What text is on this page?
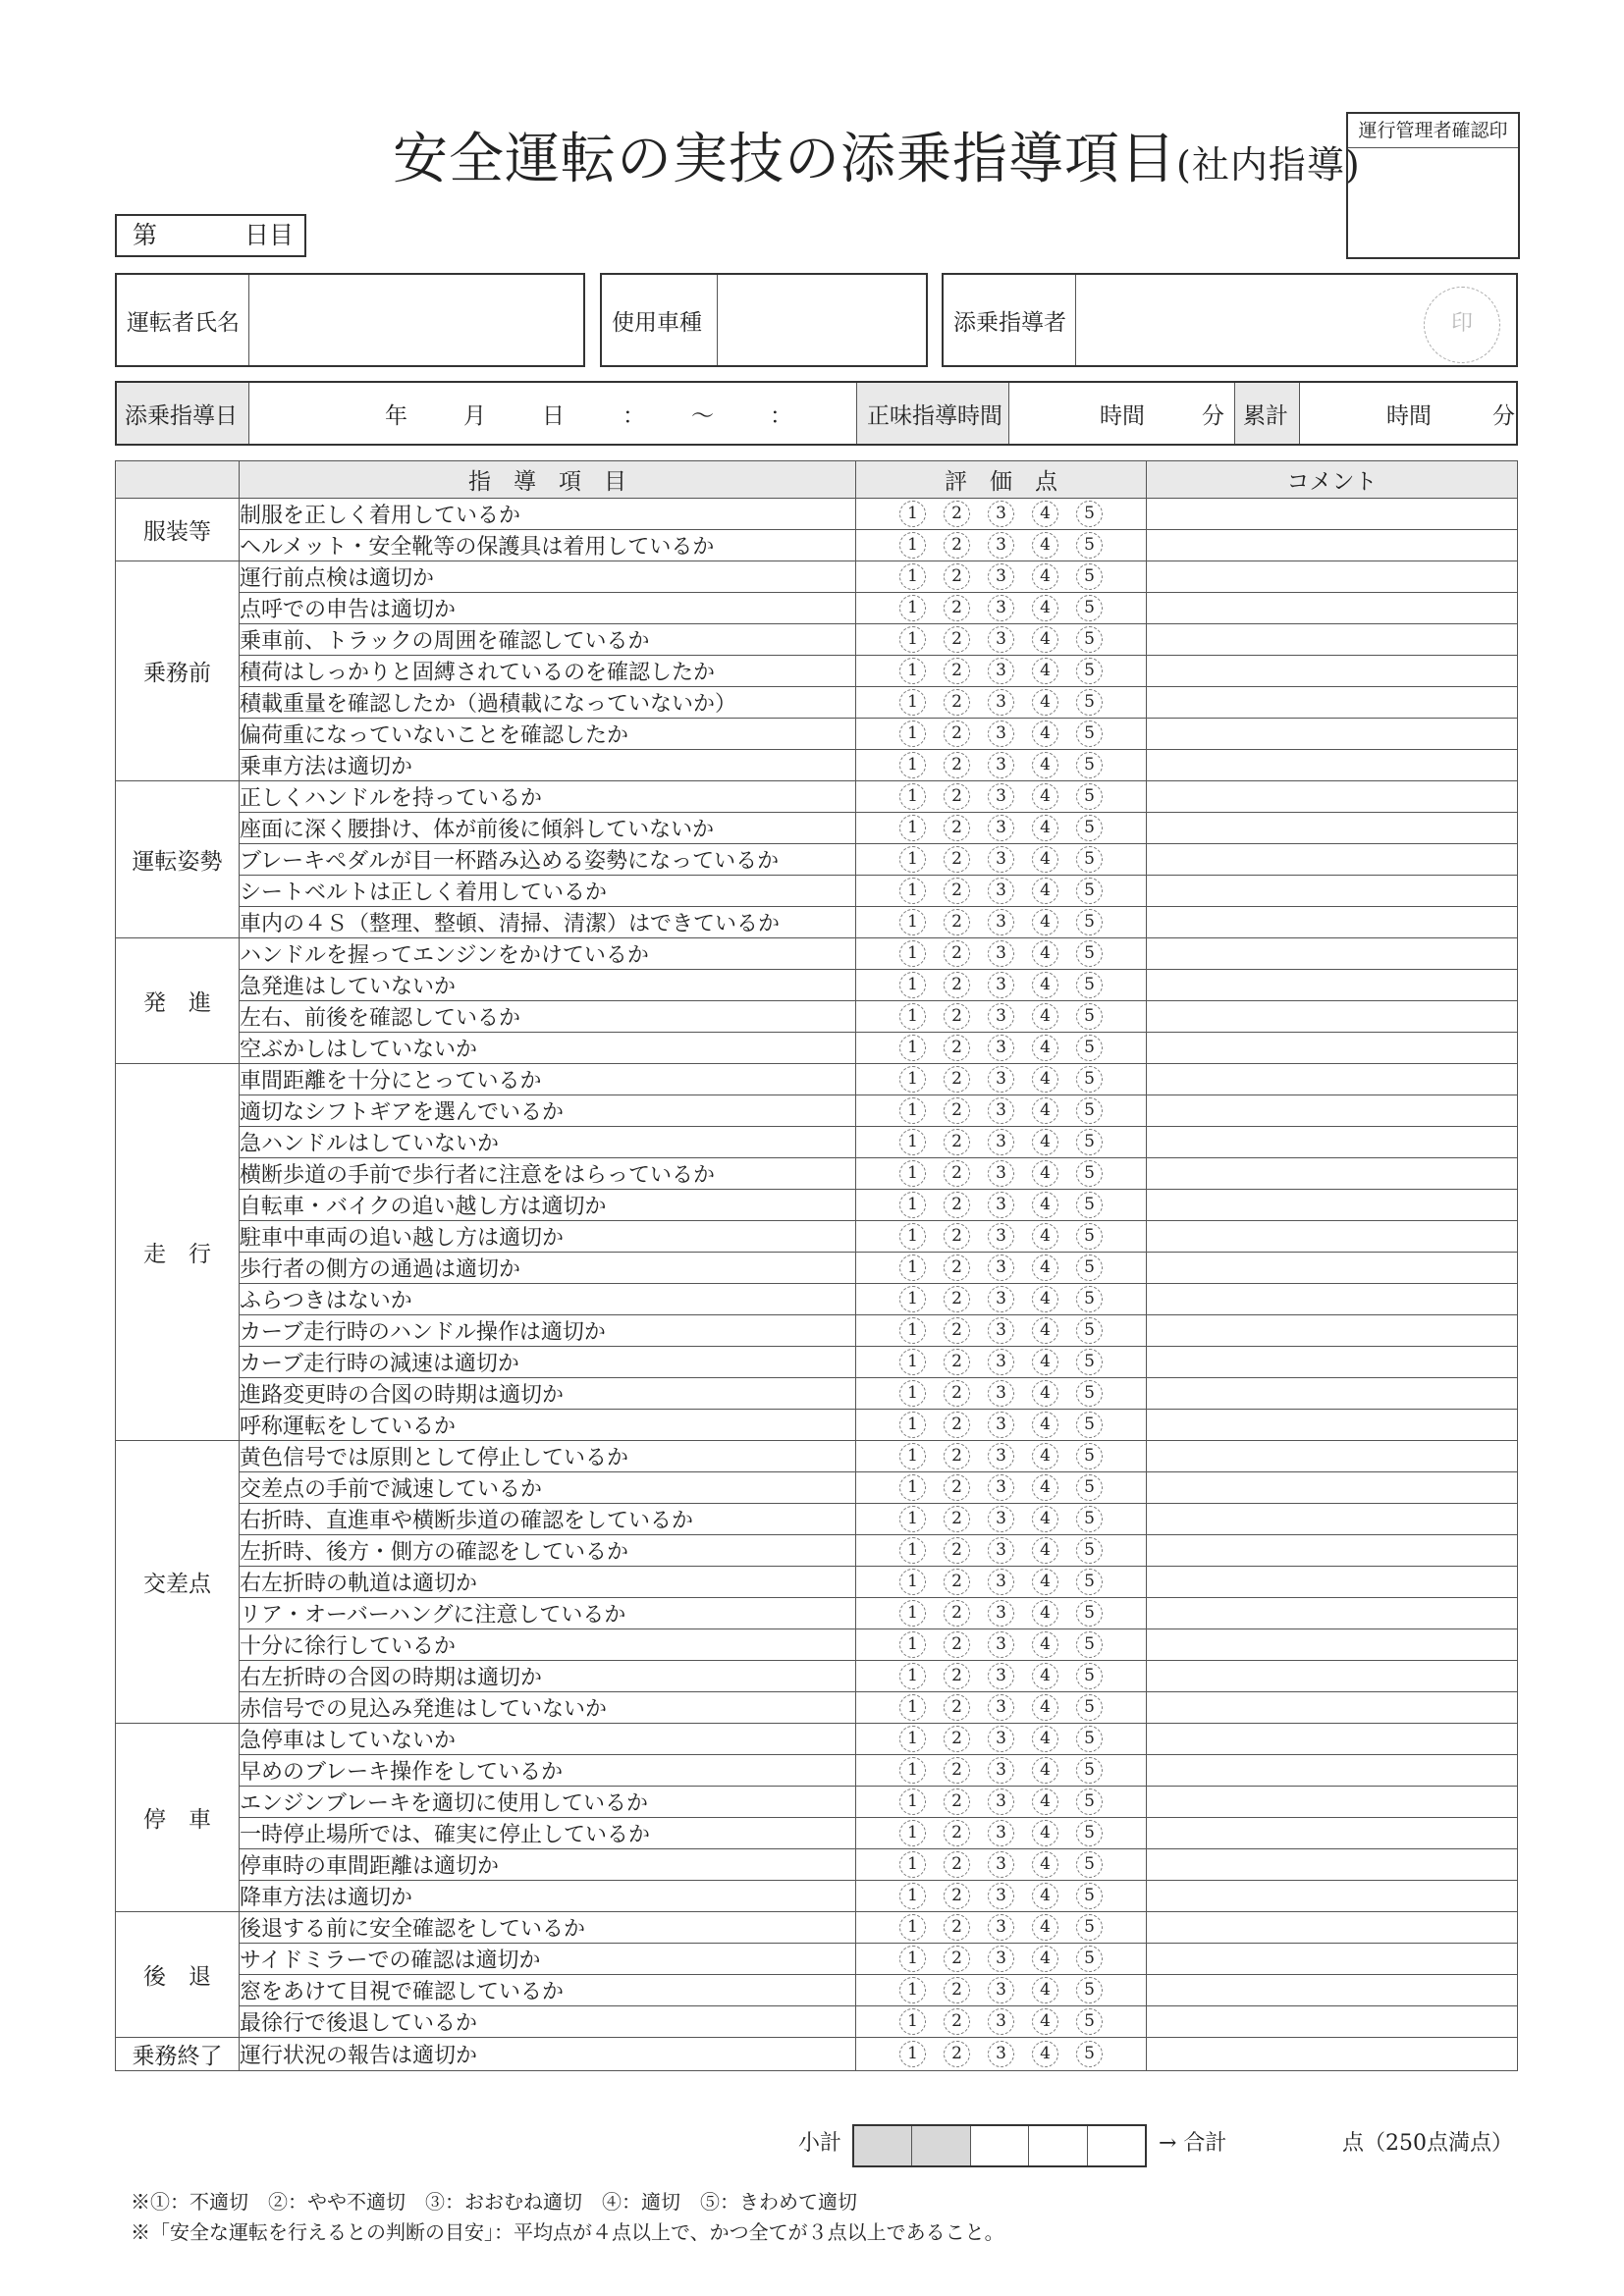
安全運転の実技の添乗指導項目(社内指導)
運行管理者確認印
第	日目
運転者氏名	使用車種	添乗指導者	印
添乗指導日	年 月 日	： 〜 ：	正味指導時間	時間	分 累計	時間	分
	指　導　項　目	評　価　点	コメント
服装等	制服を正しく着用しているか	1 2 3 4 5	
	ヘルメット・安全靴等の保護具は着用しているか	1 2 3 4 5	
乗務前	運行前点検は適切か	1 2 3 4 5	
	点呼での申告は適切か	1 2 3 4 5	
	乗車前、トラックの周囲を確認しているか	1 2 3 4 5	
	積荷はしっかりと固縛されているのを確認したか	1 2 3 4 5	
	積載重量を確認したか（過積載になっていないか）	1 2 3 4 5	
	偏荷重になっていないことを確認したか	1 2 3 4 5	
	乗車方法は適切か	1 2 3 4 5	
運転姿勢	正しくハンドルを持っているか	1 2 3 4 5	
	座面に深く腰掛け、体が前後に傾斜していないか	1 2 3 4 5	
	ブレーキペダルが目一杯踏み込める姿勢になっているか	1 2 3 4 5	
	シートベルトは正しく着用しているか	1 2 3 4 5	
	車内の４Ｓ（整理、整頓、清掃、清潔）はできているか	1 2 3 4 5	
発　進	ハンドルを握ってエンジンをかけているか	1 2 3 4 5	
	急発進はしていないか	1 2 3 4 5	
	左右、前後を確認しているか	1 2 3 4 5	
	空ぶかしはしていないか	1 2 3 4 5	
走　行	車間距離を十分にとっているか	1 2 3 4 5	
	適切なシフトギアを選んでいるか	1 2 3 4 5	
	急ハンドルはしていないか	1 2 3 4 5	
	横断歩道の手前で歩行者に注意をはらっているか	1 2 3 4 5	
	自転車・バイクの追い越し方は適切か	1 2 3 4 5	
	駐車中車両の追い越し方は適切か	1 2 3 4 5	
	歩行者の側方の通過は適切か	1 2 3 4 5	
	ふらつきはないか	1 2 3 4 5	
	カーブ走行時のハンドル操作は適切か	1 2 3 4 5	
	カーブ走行時の減速は適切か	1 2 3 4 5	
	進路変更時の合図の時期は適切か	1 2 3 4 5	
	呼称運転をしているか	1 2 3 4 5	
交差点	黄色信号では原則として停止しているか	1 2 3 4 5	
	交差点の手前で減速しているか	1 2 3 4 5	
	右折時、直進車や横断歩道の確認をしているか	1 2 3 4 5	
	左折時、後方・側方の確認をしているか	1 2 3 4 5	
	右左折時の軌道は適切か	1 2 3 4 5	
	リア・オーバーハングに注意しているか	1 2 3 4 5	
	十分に徐行しているか	1 2 3 4 5	
	右左折時の合図の時期は適切か	1 2 3 4 5	
	赤信号での見込み発進はしていないか	1 2 3 4 5	
停　車	急停車はしていないか	1 2 3 4 5	
	早めのブレーキ操作をしているか	1 2 3 4 5	
	エンジンブレーキを適切に使用しているか	1 2 3 4 5	
	一時停止場所では、確実に停止しているか	1 2 3 4 5	
	停車時の車間距離は適切か	1 2 3 4 5	
	降車方法は適切か	1 2 3 4 5	
後　退	後退する前に安全確認をしているか	1 2 3 4 5	
	サイドミラーでの確認は適切か	1 2 3 4 5	
	窓をあけて目視で確認しているか	1 2 3 4 5	
	最徐行で後退しているか	1 2 3 4 5	
乗務終了	運行状況の報告は適切か	1 2 3 4 5	
小計	→ 合計	点（250点満点）
※①：不適切　②：やや不適切　③：おおむね適切　④：適切　⑤：きわめて適切
※「安全な運転を行えるとの判断の目安」：平均点が４点以上で、かつ全てが３点以上であること。
